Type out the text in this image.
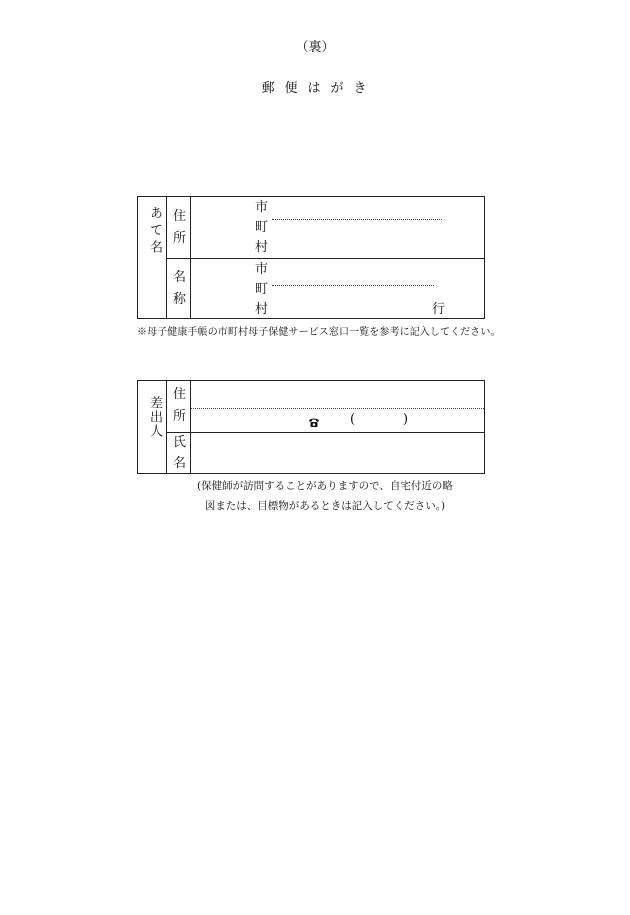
（裏）
郵便はがき
あて名 住
所
名
称
市
町
村
市
町
村	行
※母子健康手帳の市町村母子保健サービス窓口一覧を参考に記入してください。
差出人
住
所
氏
名
(	)
(保健師が訪問することがありますので、自宅付近の略
図または、目標物があるときは記入してください。)
